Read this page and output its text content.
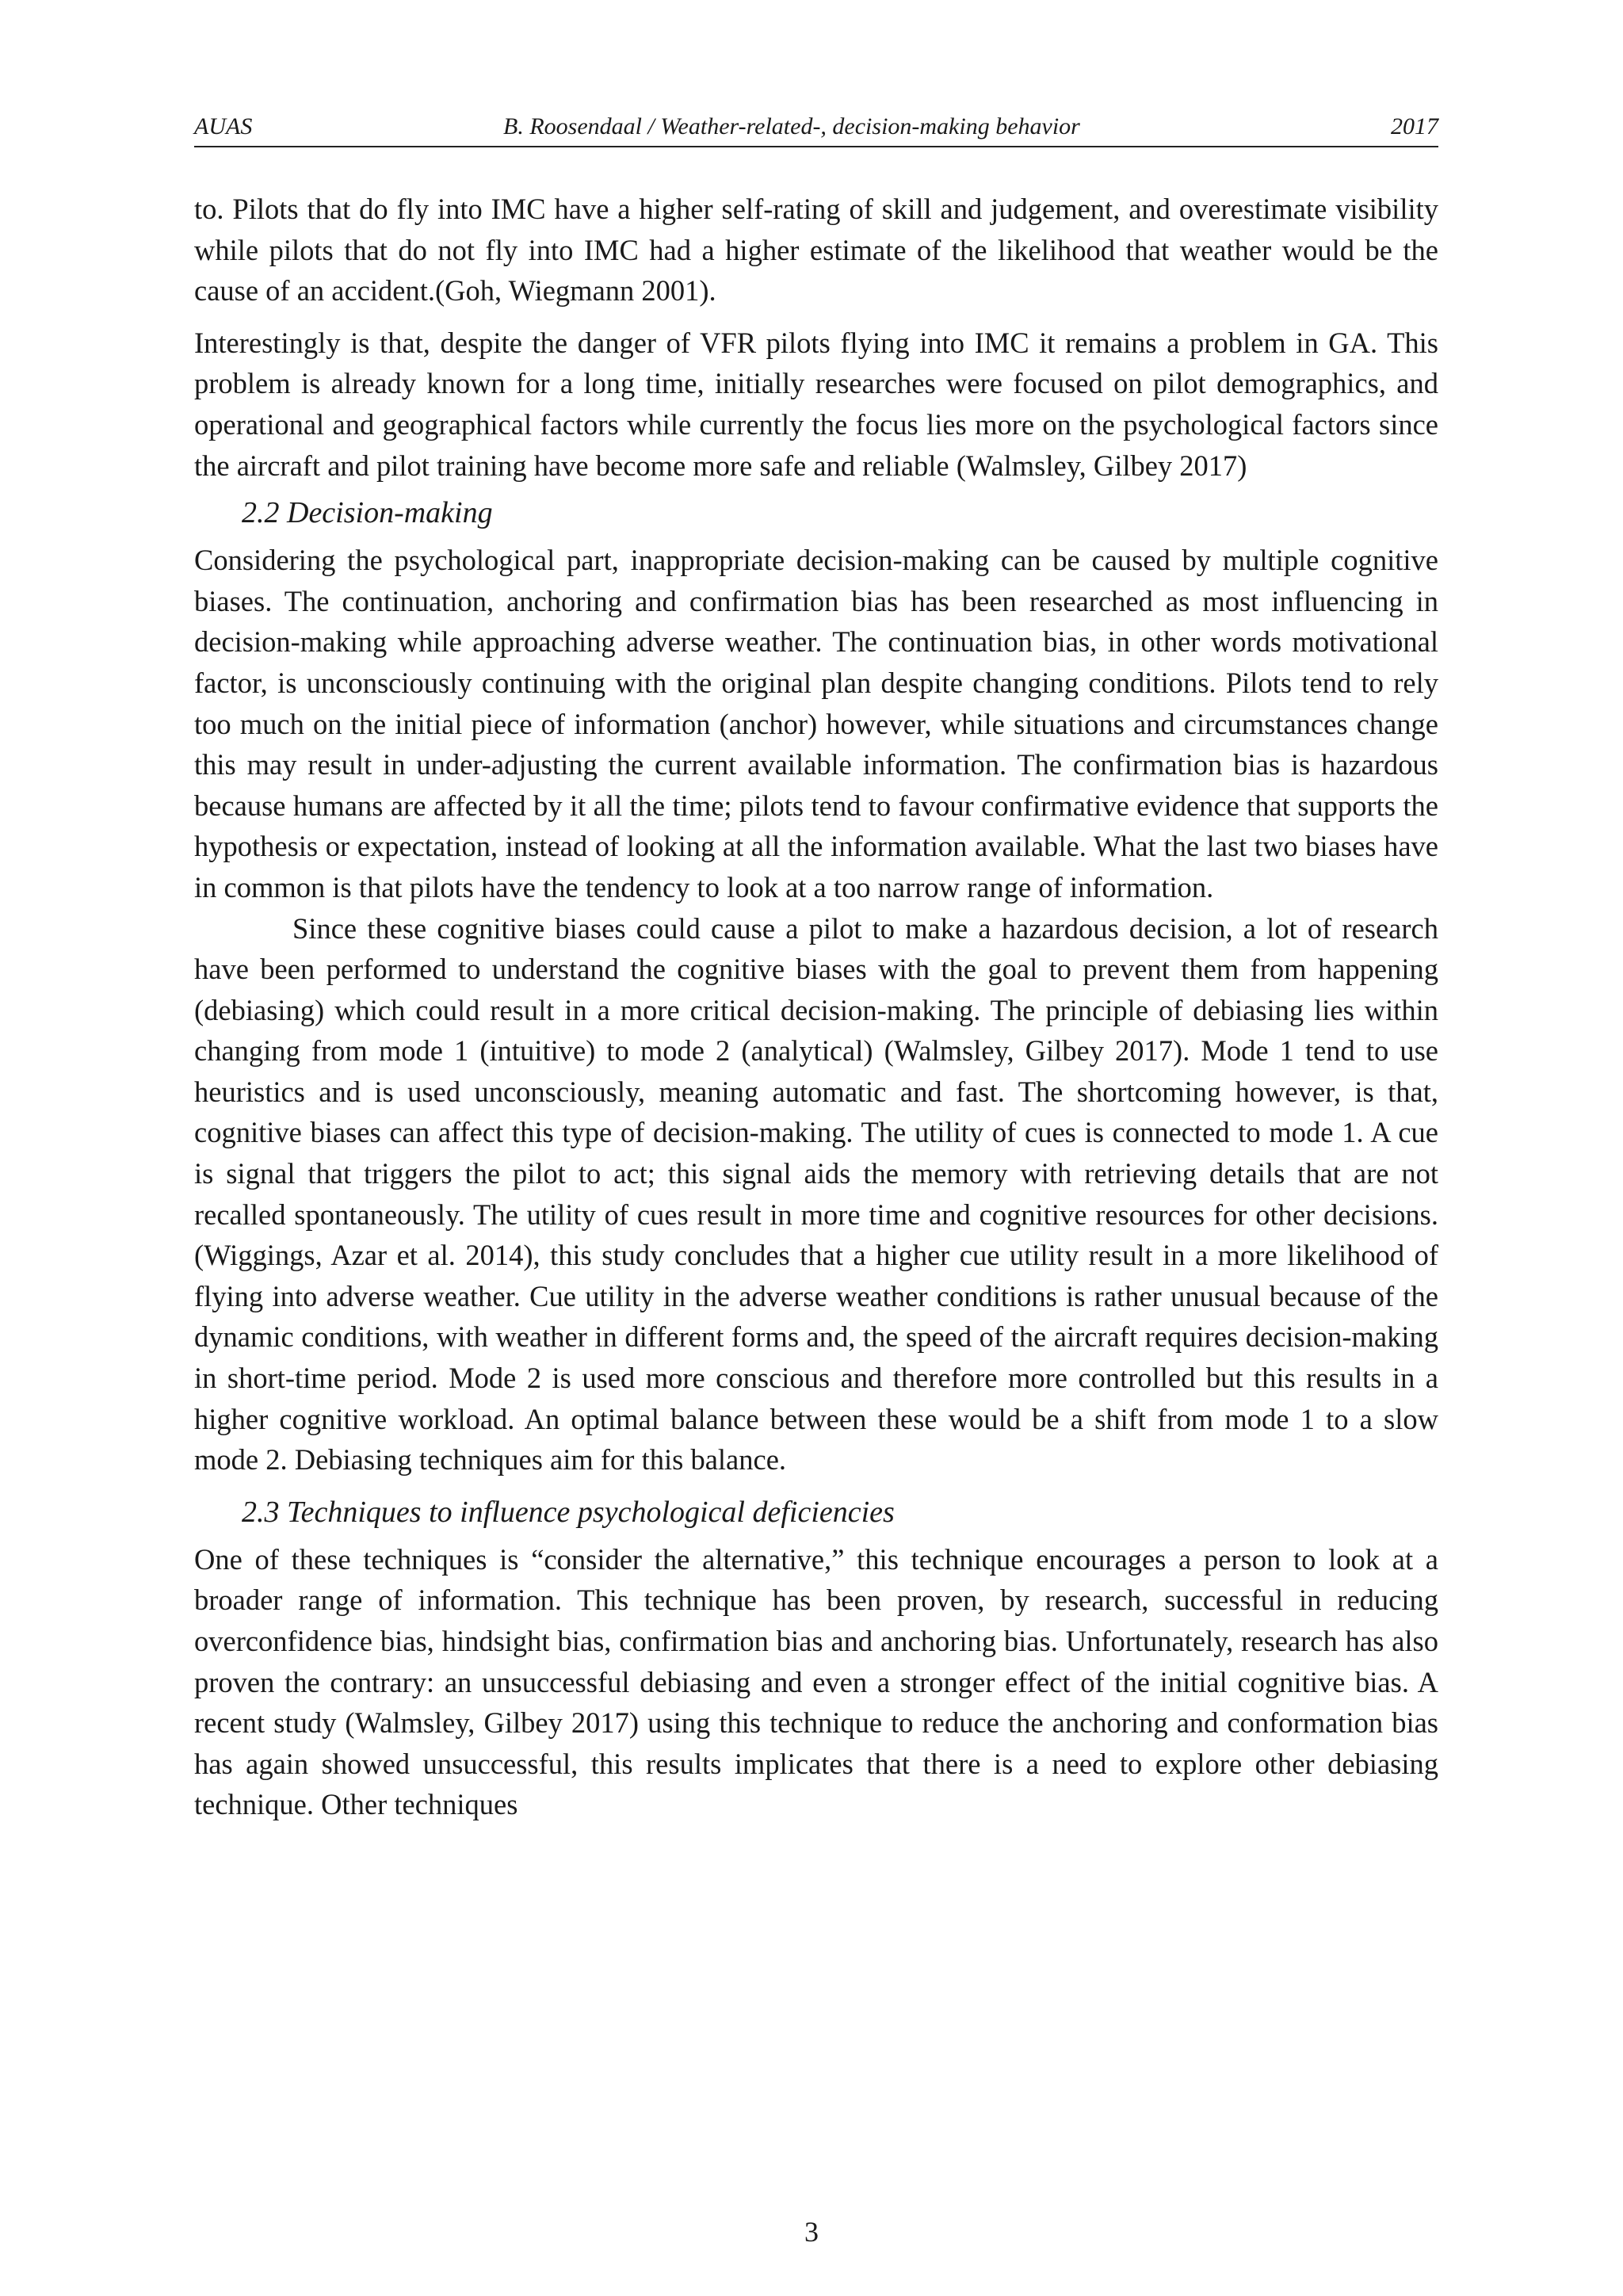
AUAS	B. Roosendaal / Weather-related-, decision-making behavior	2017

to. Pilots that do fly into IMC have a higher self-rating of skill and judgement, and overestimate visibility while pilots that do not fly into IMC had a higher estimate of the likelihood that weather would be the cause of an accident.(Goh, Wiegmann 2001).

Interestingly is that, despite the danger of VFR pilots flying into IMC it remains a problem in GA. This problem is already known for a long time, initially researches were focused on pilot demographics, and operational and geographical factors while currently the focus lies more on the psychological factors since the aircraft and pilot training have become more safe and reliable (Walmsley, Gilbey 2017)

2.2 Decision-making

Considering the psychological part, inappropriate decision-making can be caused by multiple cognitive biases. The continuation, anchoring and confirmation bias has been researched as most influencing in decision-making while approaching adverse weather. The continuation bias, in other words motivational factor, is unconsciously continuing with the original plan despite changing conditions. Pilots tend to rely too much on the initial piece of information (anchor) however, while situations and circumstances change this may result in under-adjusting the current available information. The confirmation bias is hazardous because humans are affected by it all the time; pilots tend to favour confirmative evidence that supports the hypothesis or expectation, instead of looking at all the information available. What the last two biases have in common is that pilots have the tendency to look at a too narrow range of information.

Since these cognitive biases could cause a pilot to make a hazardous decision, a lot of research have been performed to understand the cognitive biases with the goal to prevent them from happening (debiasing) which could result in a more critical decision-making. The principle of debiasing lies within changing from mode 1 (intuitive) to mode 2 (analytical) (Walmsley, Gilbey 2017). Mode 1 tend to use heuristics and is used unconsciously, meaning automatic and fast. The shortcoming however, is that, cognitive biases can affect this type of decision-making. The utility of cues is connected to mode 1. A cue is signal that triggers the pilot to act; this signal aids the memory with retrieving details that are not recalled spontaneously. The utility of cues result in more time and cognitive resources for other decisions. (Wiggings, Azar et al. 2014), this study concludes that a higher cue utility result in a more likelihood of flying into adverse weather. Cue utility in the adverse weather conditions is rather unusual because of the dynamic conditions, with weather in different forms and, the speed of the aircraft requires decision-making in short-time period. Mode 2 is used more conscious and therefore more controlled but this results in a higher cognitive workload. An optimal balance between these would be a shift from mode 1 to a slow mode 2. Debiasing techniques aim for this balance.

2.3 Techniques to influence psychological deficiencies

One of these techniques is “consider the alternative,” this technique encourages a person to look at a broader range of information. This technique has been proven, by research, successful in reducing overconfidence bias, hindsight bias, confirmation bias and anchoring bias. Unfortunately, research has also proven the contrary: an unsuccessful debiasing and even a stronger effect of the initial cognitive bias. A recent study (Walmsley, Gilbey 2017) using this technique to reduce the anchoring and conformation bias has again showed unsuccessful, this results implicates that there is a need to explore other debiasing technique. Other techniques

3
